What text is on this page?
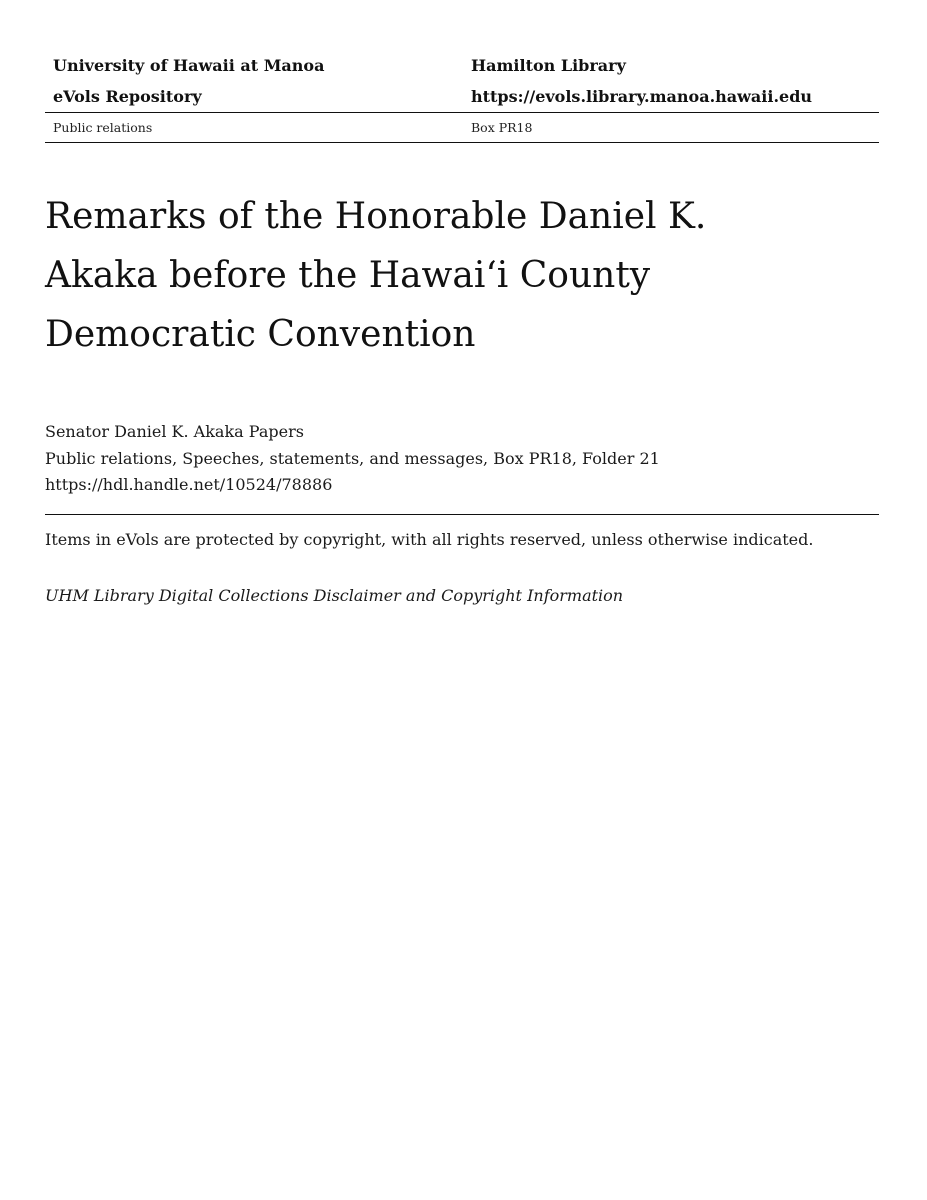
University of Hawaii at Manoa	Hamilton Library
eVols Repository	https://evols.library.manoa.hawaii.edu
Public relations	Box PR18
Remarks of the Honorable Daniel K.
Akaka before the Hawai‘i County
Democratic Convention
Senator Daniel K. Akaka Papers
Public relations, Speeches, statements, and messages, Box PR18, Folder 21
https://hdl.handle.net/10524/78886
Items in eVols are protected by copyright, with all rights reserved, unless otherwise indicated.
UHM Library Digital Collections Disclaimer and Copyright Information
